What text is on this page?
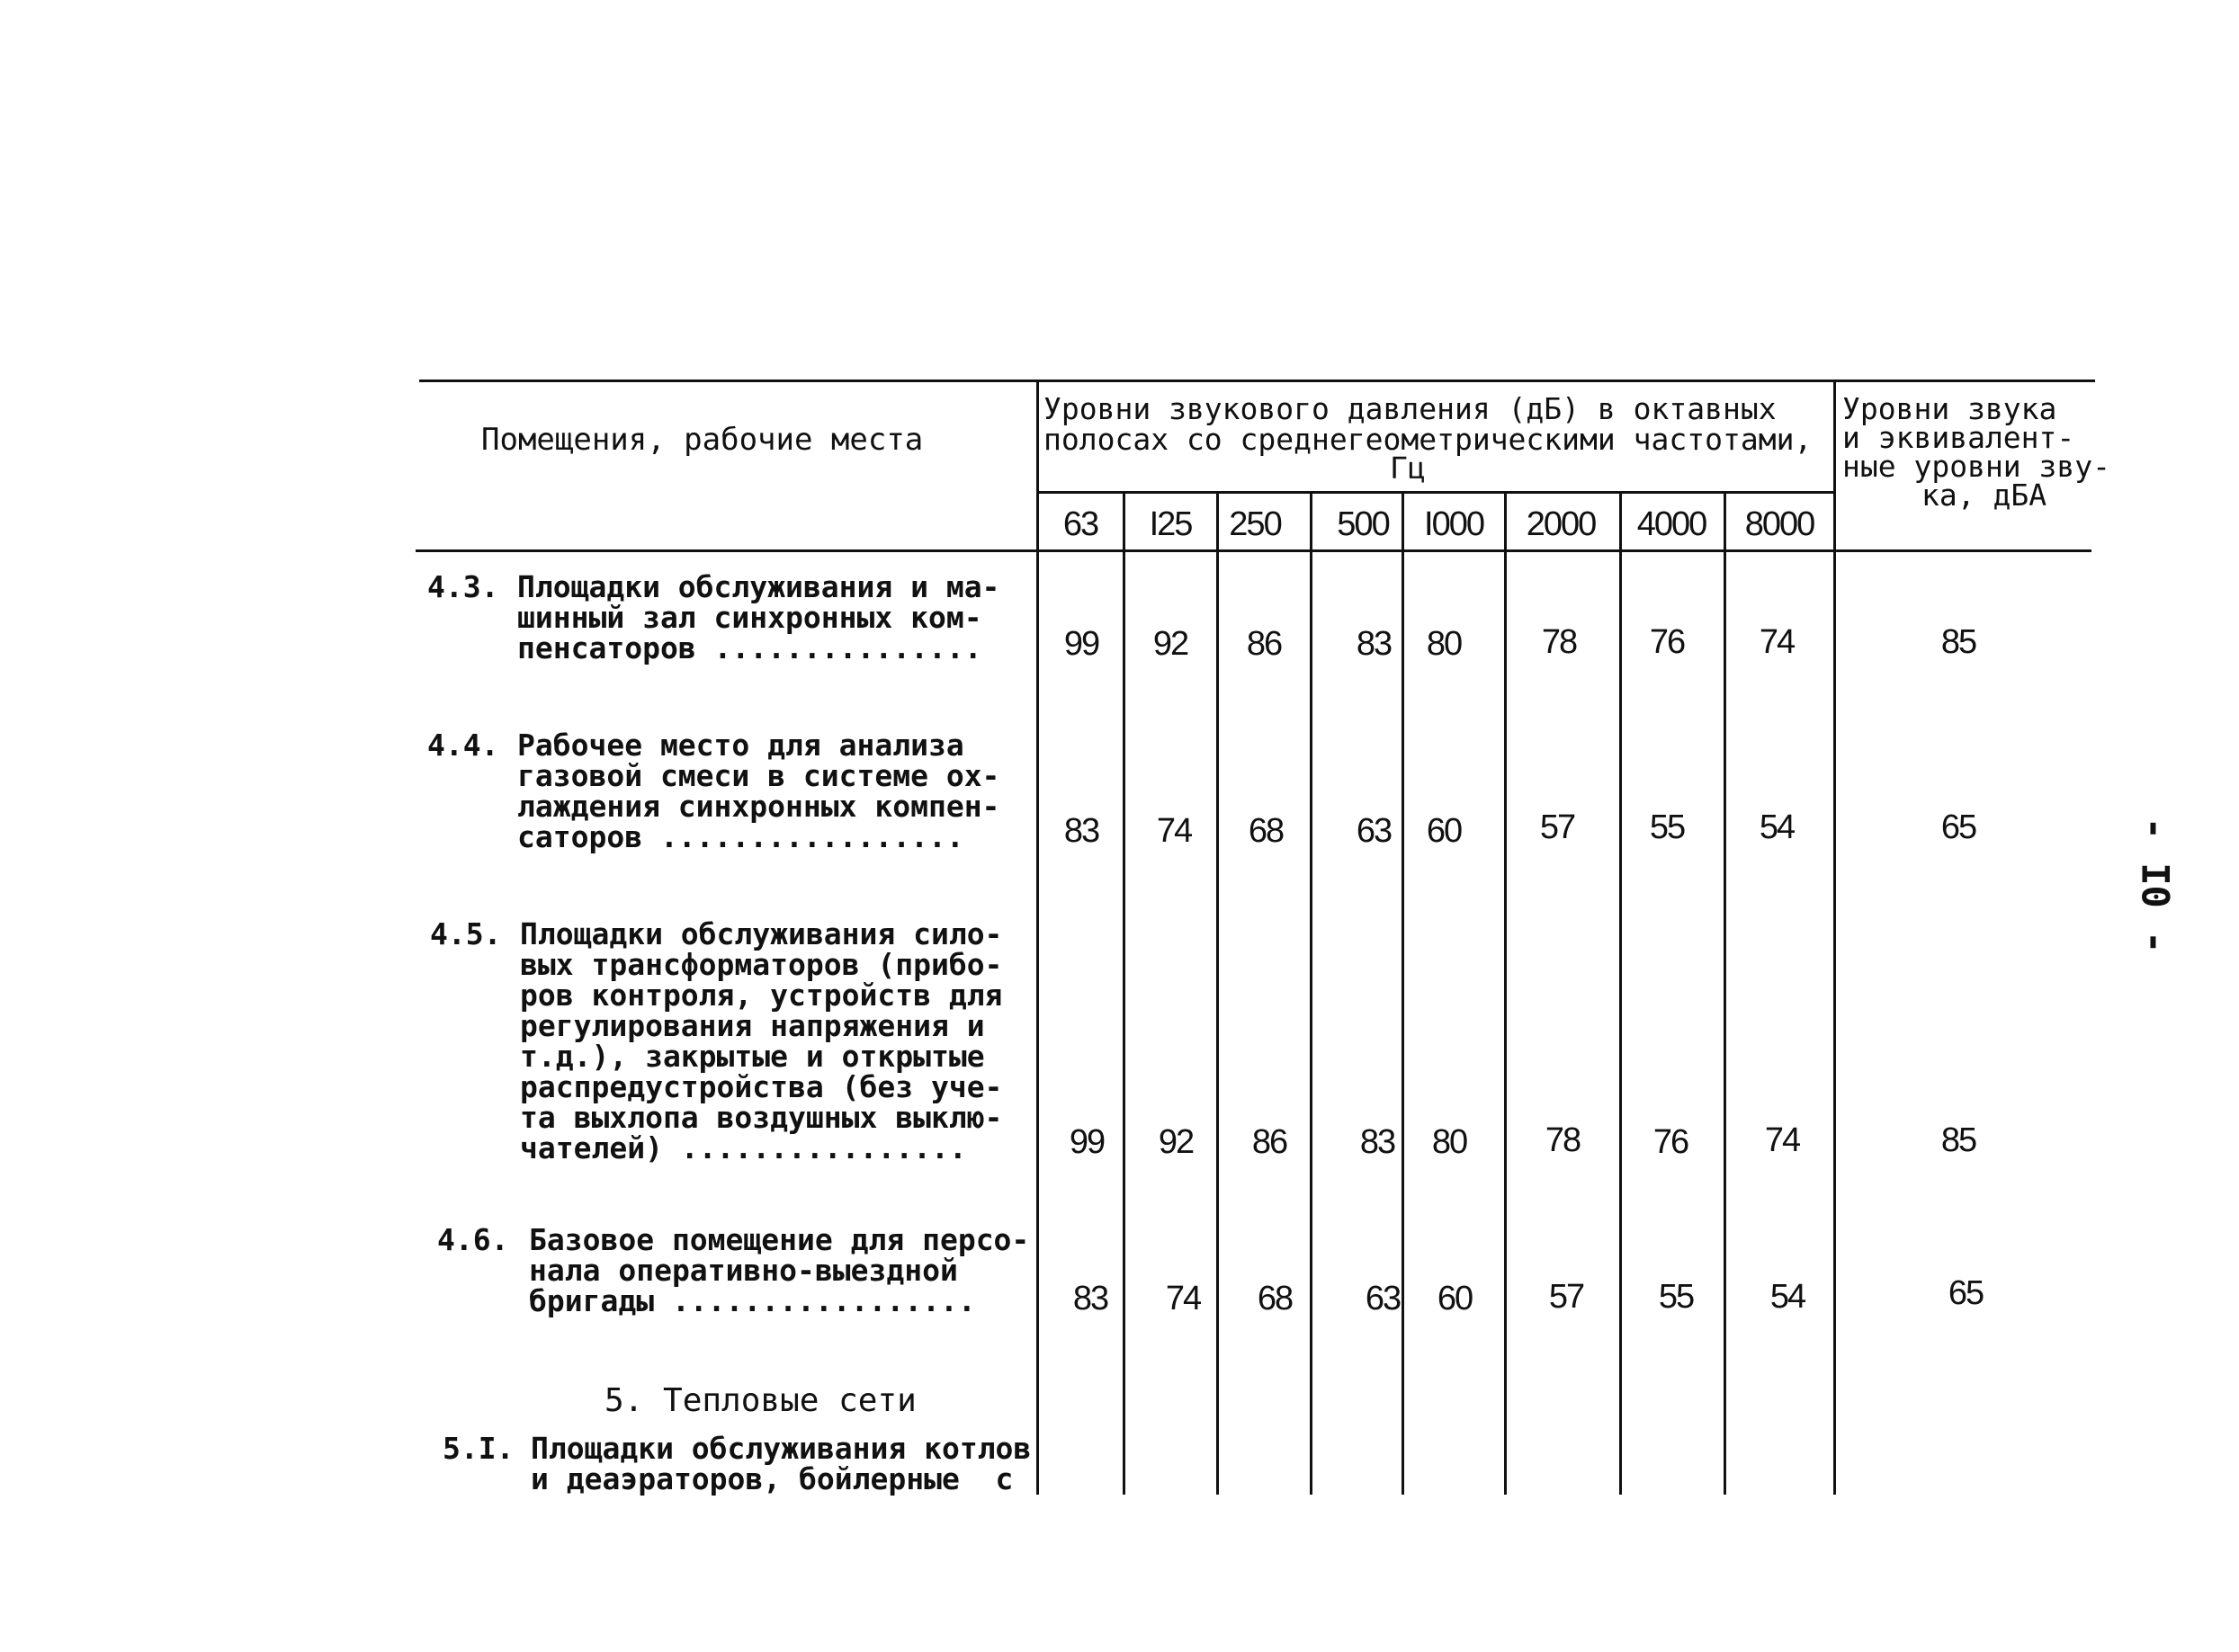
Помещения, рабочие места
Уровни звукового давления (дБ) в октавных
полосах со среднегеометрическими частотами,
Гц
Уровни звука
и эквивалент-
ные уровни зву-
ка, дБА
63	I25	250	500	I000	2000	4000	8000
4.3. Площадки обслуживания и ма-
шинный зал синхронных ком-
пенсаторов ...............	99	92	86	83	80	78	76	74	85
4.4. Рабочее место для анализа
газовой смеси в системе ох-
лаждения синхронных компен-
саторов .................	83	74	68	63	60	57	55	54	65
4.5. Площадки обслуживания сило-
вых трансформаторов (прибо-
ров контроля, устройств для
регулирования напряжения и
т.д.), закрытые и открытые
распредустройства (без уче-
та выхлопа воздушных выклю-
чателей) ................	99	92	86	83	80	78	76	74	85
4.6. Базовое помещение для персо-
нала оперативно-выездной
бригады .................	83	74	68	63	60	57	55	54	65
5. Тепловые сети
5.I. Площадки обслуживания котлов
и деаэраторов, бойлерные  с
- I0 -
